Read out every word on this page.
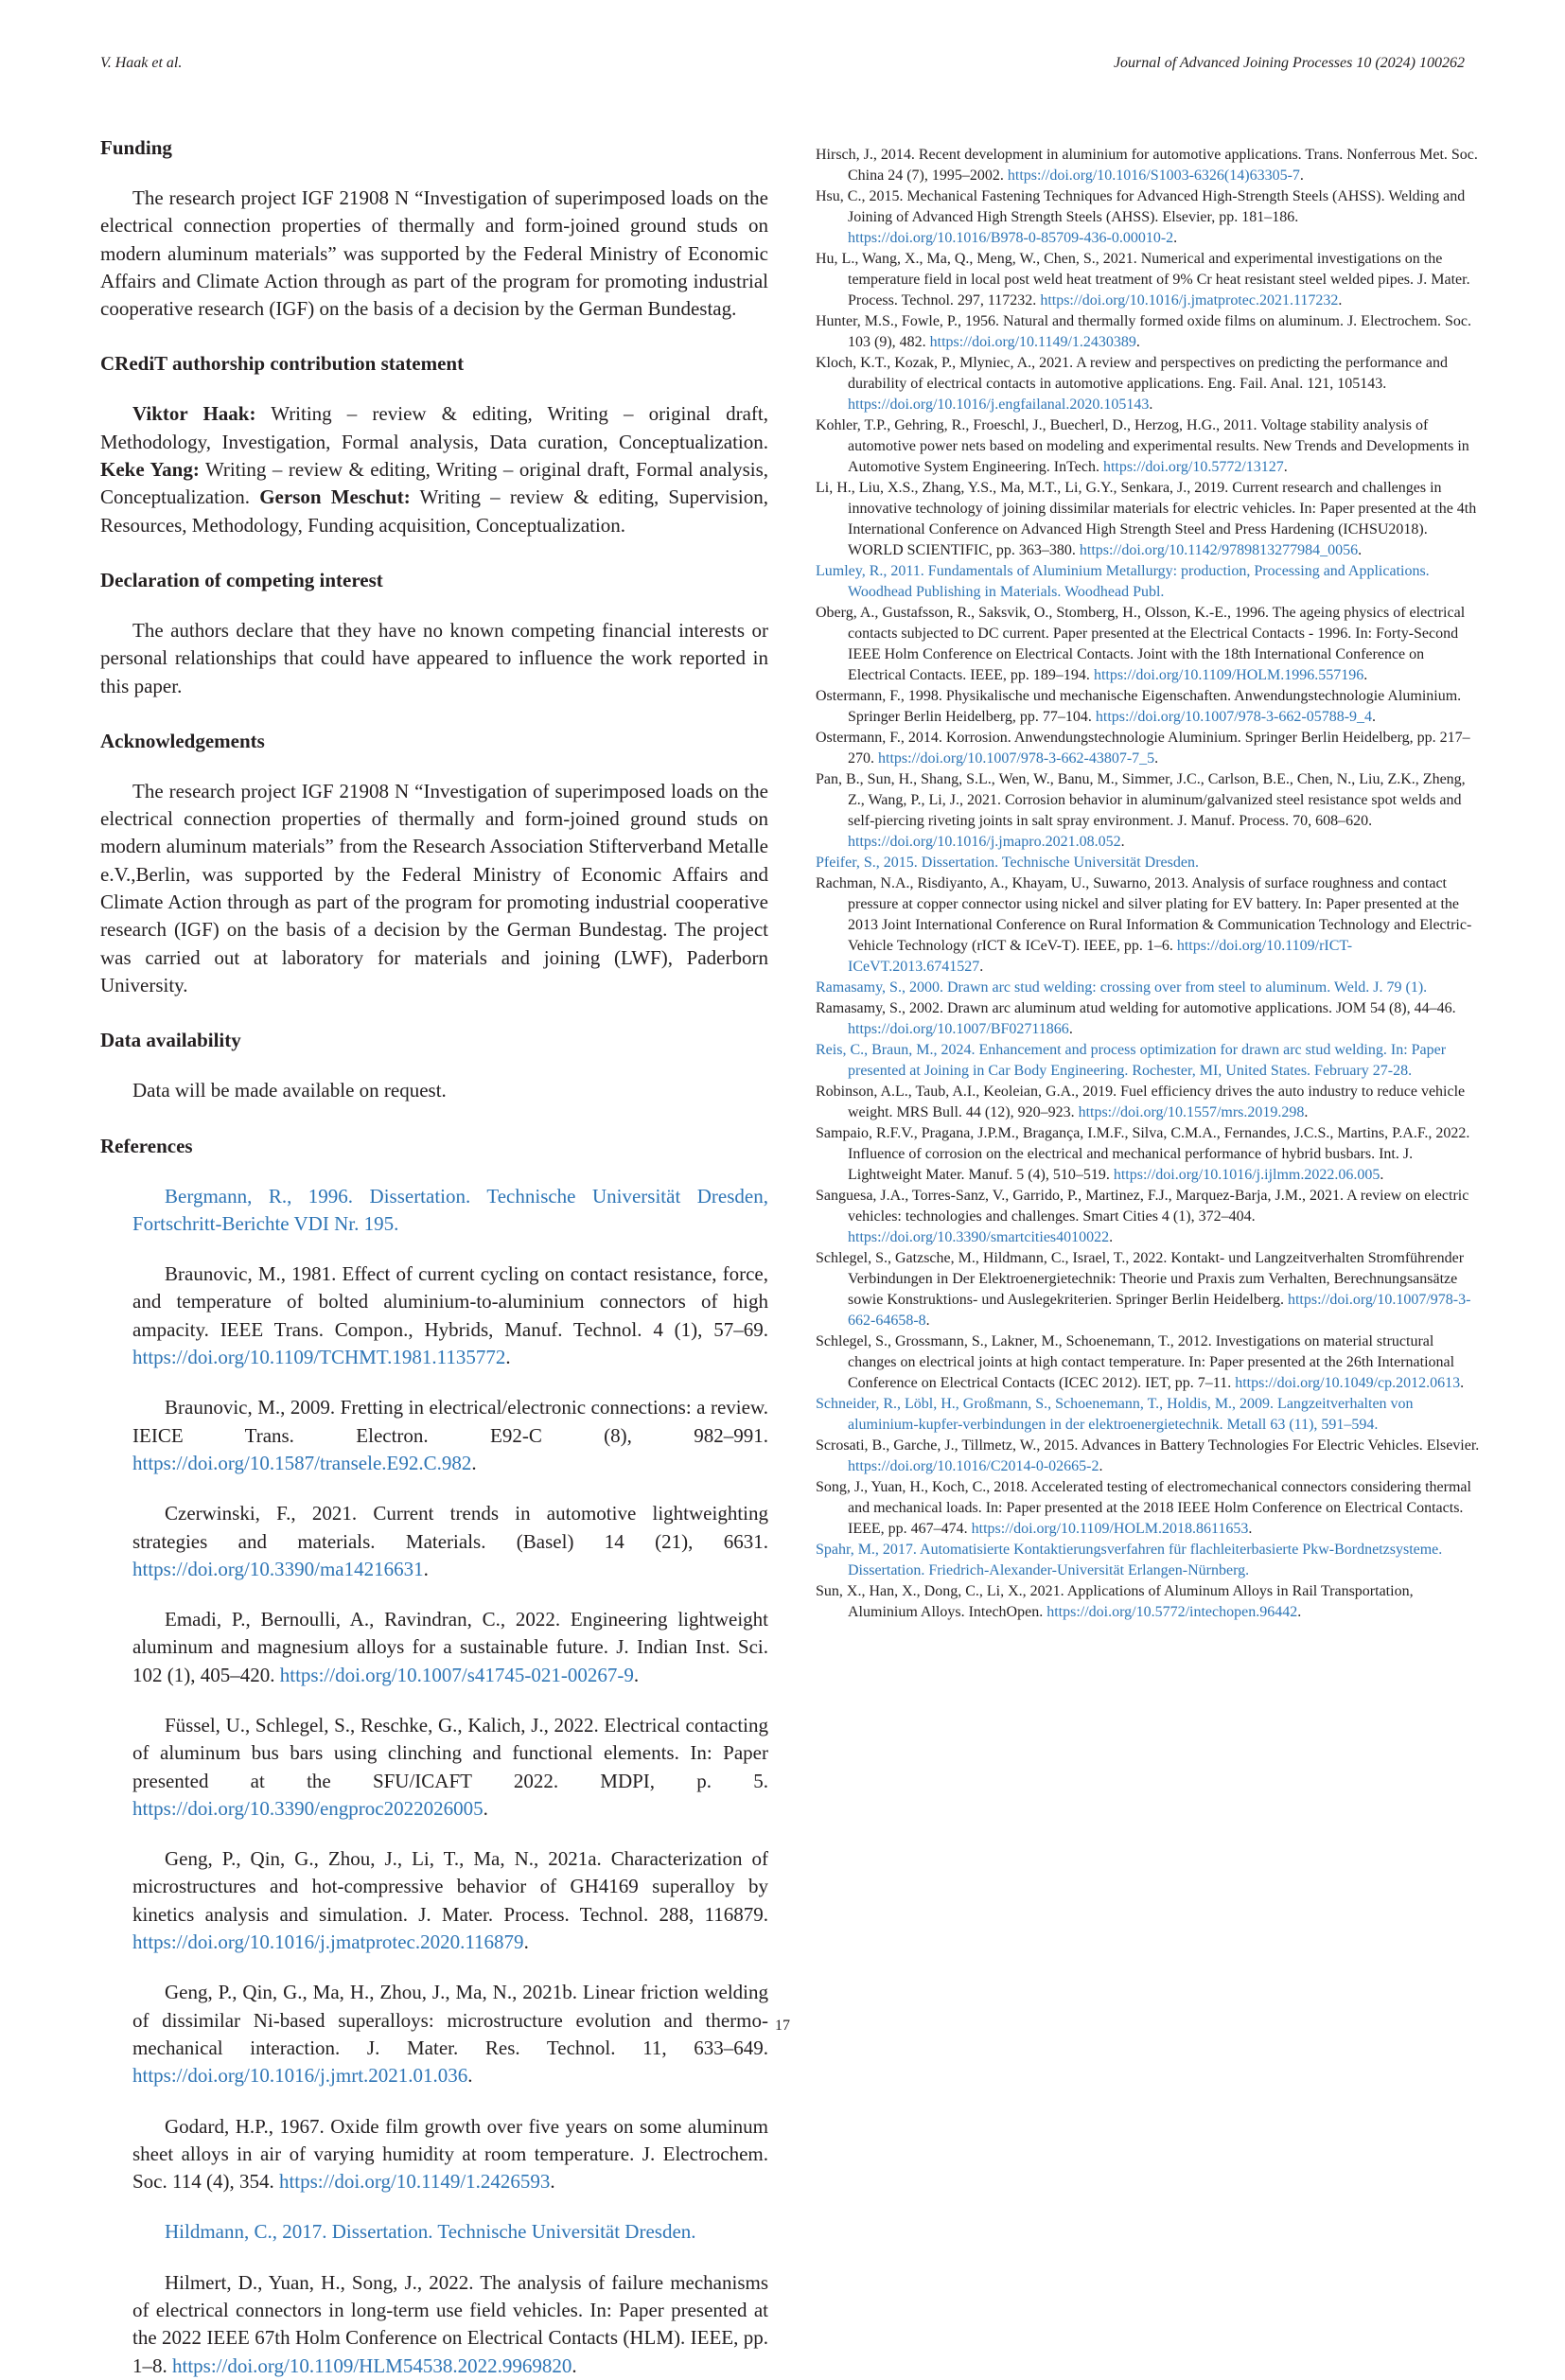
V. Haak et al.	Journal of Advanced Joining Processes 10 (2024) 100262
Funding

The research project IGF 21908 N “Investigation of superimposed loads on the electrical connection properties of thermally and form-joined ground studs on modern aluminum materials” was supported by the Federal Ministry of Economic Affairs and Climate Action through as part of the program for promoting industrial cooperative research (IGF) on the basis of a decision by the German Bundestag.

CRediT authorship contribution statement

Viktor Haak: Writing – review & editing, Writing – original draft, Methodology, Investigation, Formal analysis, Data curation, Conceptualization. Keke Yang: Writing – review & editing, Writing – original draft, Formal analysis, Conceptualization. Gerson Meschut: Writing – review & editing, Supervision, Resources, Methodology, Funding acquisition, Conceptualization.

Declaration of competing interest

The authors declare that they have no known competing financial interests or personal relationships that could have appeared to influence the work reported in this paper.

Acknowledgements

The research project IGF 21908 N “Investigation of superimposed loads on the electrical connection properties of thermally and form-joined ground studs on modern aluminum materials” from the Research Association Stifterverband Metalle e.V.,Berlin, was supported by the Federal Ministry of Economic Affairs and Climate Action through as part of the program for promoting industrial cooperative research (IGF) on the basis of a decision by the German Bundestag. The project was carried out at laboratory for materials and joining (LWF), Paderborn University.

Data availability

Data will be made available on request.

References

Bergmann, R., 1996. Dissertation. Technische Universität Dresden, Fortschritt-Berichte VDI Nr. 195.

Braunovic, M., 1981. Effect of current cycling on contact resistance, force, and temperature of bolted aluminium-to-aluminium connectors of high ampacity. IEEE Trans. Compon., Hybrids, Manuf. Technol. 4 (1), 57–69. https://doi.org/10.1109/TCHMT.1981.1135772.

Braunovic, M., 2009. Fretting in electrical/electronic connections: a review. IEICE Trans. Electron. E92-C (8), 982–991. https://doi.org/10.1587/transele.E92.C.982.

Czerwinski, F., 2021. Current trends in automotive lightweighting strategies and materials. Materials. (Basel) 14 (21), 6631. https://doi.org/10.3390/ma14216631.

Emadi, P., Bernoulli, A., Ravindran, C., 2022. Engineering lightweight aluminum and magnesium alloys for a sustainable future. J. Indian Inst. Sci. 102 (1), 405–420. https://doi.org/10.1007/s41745-021-00267-9.

Füssel, U., Schlegel, S., Reschke, G., Kalich, J., 2022. Electrical contacting of aluminum bus bars using clinching and functional elements. In: Paper presented at the SFU/ICAFT 2022. MDPI, p. 5. https://doi.org/10.3390/engproc2022026005.

Geng, P., Qin, G., Zhou, J., Li, T., Ma, N., 2021a. Characterization of microstructures and hot-compressive behavior of GH4169 superalloy by kinetics analysis and simulation. J. Mater. Process. Technol. 288, 116879. https://doi.org/10.1016/j.jmatprotec.2020.116879.

Geng, P., Qin, G., Ma, H., Zhou, J., Ma, N., 2021b. Linear friction welding of dissimilar Ni-based superalloys: microstructure evolution and thermo-mechanical interaction. J. Mater. Res. Technol. 11, 633–649. https://doi.org/10.1016/j.jmrt.2021.01.036.

Godard, H.P., 1967. Oxide film growth over five years on some aluminum sheet alloys in air of varying humidity at room temperature. J. Electrochem. Soc. 114 (4), 354. https://doi.org/10.1149/1.2426593.

Hildmann, C., 2017. Dissertation. Technische Universität Dresden.

Hilmert, D., Yuan, H., Song, J., 2022. The analysis of failure mechanisms of electrical connectors in long-term use field vehicles. In: Paper presented at the 2022 IEEE 67th Holm Conference on Electrical Contacts (HLM). IEEE, pp. 1–8. https://doi.org/10.1109/HLM54538.2022.9969820.

Hirsch, J., 2014. Recent development in aluminium for automotive applications. Trans. Nonferrous Met. Soc. China 24 (7), 1995–2002. https://doi.org/10.1016/S1003-6326(14)63305-7.

Hsu, C., 2015. Mechanical Fastening Techniques for Advanced High-Strength Steels (AHSS). Welding and Joining of Advanced High Strength Steels (AHSS). Elsevier, pp. 181–186. https://doi.org/10.1016/B978-0-85709-436-0.00010-2.

Hu, L., Wang, X., Ma, Q., Meng, W., Chen, S., 2021. Numerical and experimental investigations on the temperature field in local post weld heat treatment of 9% Cr heat resistant steel welded pipes. J. Mater. Process. Technol. 297, 117232. https://doi.org/10.1016/j.jmatprotec.2021.117232.

Hunter, M.S., Fowle, P., 1956. Natural and thermally formed oxide films on aluminum. J. Electrochem. Soc. 103 (9), 482. https://doi.org/10.1149/1.2430389.

Kloch, K.T., Kozak, P., Mlyniec, A., 2021. A review and perspectives on predicting the performance and durability of electrical contacts in automotive applications. Eng. Fail. Anal. 121, 105143. https://doi.org/10.1016/j.engfailanal.2020.105143.

Kohler, T.P., Gehring, R., Froeschl, J., Buecherl, D., Herzog, H.G., 2011. Voltage stability analysis of automotive power nets based on modeling and experimental results. New Trends and Developments in Automotive System Engineering. InTech. https://doi.org/10.5772/13127.

Li, H., Liu, X.S., Zhang, Y.S., Ma, M.T., Li, G.Y., Senkara, J., 2019. Current research and challenges in innovative technology of joining dissimilar materials for electric vehicles. In: Paper presented at the 4th International Conference on Advanced High Strength Steel and Press Hardening (ICHSU2018). WORLD SCIENTIFIC, pp. 363–380. https://doi.org/10.1142/9789813277984_0056.

Lumley, R., 2011. Fundamentals of Aluminium Metallurgy: production, Processing and Applications. Woodhead Publishing in Materials. Woodhead Publ.

Oberg, A., Gustafsson, R., Saksvik, O., Stomberg, H., Olsson, K.-E., 1996. The ageing physics of electrical contacts subjected to DC current. Paper presented at the Electrical Contacts - 1996. In: Forty-Second IEEE Holm Conference on Electrical Contacts. Joint with the 18th International Conference on Electrical Contacts. IEEE, pp. 189–194. https://doi.org/10.1109/HOLM.1996.557196.

Ostermann, F., 1998. Physikalische und mechanische Eigenschaften. Anwendungstechnologie Aluminium. Springer Berlin Heidelberg, pp. 77–104. https://doi.org/10.1007/978-3-662-05788-9_4.

Ostermann, F., 2014. Korrosion. Anwendungstechnologie Aluminium. Springer Berlin Heidelberg, pp. 217–270. https://doi.org/10.1007/978-3-662-43807-7_5.

Pan, B., Sun, H., Shang, S.L., Wen, W., Banu, M., Simmer, J.C., Carlson, B.E., Chen, N., Liu, Z.K., Zheng, Z., Wang, P., Li, J., 2021. Corrosion behavior in aluminum/galvanized steel resistance spot welds and self-piercing riveting joints in salt spray environment. J. Manuf. Process. 70, 608–620. https://doi.org/10.1016/j.jmapro.2021.08.052.

Pfeifer, S., 2015. Dissertation. Technische Universität Dresden.

Rachman, N.A., Risdiyanto, A., Khayam, U., Suwarno, 2013. Analysis of surface roughness and contact pressure at copper connector using nickel and silver plating for EV battery. In: Paper presented at the 2013 Joint International Conference on Rural Information & Communication Technology and Electric-Vehicle Technology (rICT & ICeV-T). IEEE, pp. 1–6. https://doi.org/10.1109/rICT-ICeVT.2013.6741527.

Ramasamy, S., 2000. Drawn arc stud welding: crossing over from steel to aluminum. Weld. J. 79 (1).

Ramasamy, S., 2002. Drawn arc aluminum atud welding for automotive applications. JOM 54 (8), 44–46. https://doi.org/10.1007/BF02711866.

Reis, C., Braun, M., 2024. Enhancement and process optimization for drawn arc stud welding. In: Paper presented at Joining in Car Body Engineering. Rochester, MI, United States. February 27-28.

Robinson, A.L., Taub, A.I., Keoleian, G.A., 2019. Fuel efficiency drives the auto industry to reduce vehicle weight. MRS Bull. 44 (12), 920–923. https://doi.org/10.1557/mrs.2019.298.

Sampaio, R.F.V., Pragana, J.P.M., Bragança, I.M.F., Silva, C.M.A., Fernandes, J.C.S., Martins, P.A.F., 2022. Influence of corrosion on the electrical and mechanical performance of hybrid busbars. Int. J. Lightweight Mater. Manuf. 5 (4), 510–519. https://doi.org/10.1016/j.ijlmm.2022.06.005.

Sanguesa, J.A., Torres-Sanz, V., Garrido, P., Martinez, F.J., Marquez-Barja, J.M., 2021. A review on electric vehicles: technologies and challenges. Smart Cities 4 (1), 372–404. https://doi.org/10.3390/smartcities4010022.

Schlegel, S., Gatzsche, M., Hildmann, C., Israel, T., 2022. Kontakt- und Langzeitverhalten Stromführender Verbindungen in Der Elektroenergietechnik: Theorie und Praxis zum Verhalten, Berechnungsansätze sowie Konstruktions- und Auslegekriterien. Springer Berlin Heidelberg. https://doi.org/10.1007/978-3-662-64658-8.

Schlegel, S., Grossmann, S., Lakner, M., Schoenemann, T., 2012. Investigations on material structural changes on electrical joints at high contact temperature. In: Paper presented at the 26th International Conference on Electrical Contacts (ICEC 2012). IET, pp. 7–11. https://doi.org/10.1049/cp.2012.0613.

Schneider, R., Löbl, H., Großmann, S., Schoenemann, T., Holdis, M., 2009. Langzeitverhalten von aluminium-kupfer-verbindungen in der elektroenergietechnik. Metall 63 (11), 591–594.

Scrosati, B., Garche, J., Tillmetz, W., 2015. Advances in Battery Technologies For Electric Vehicles. Elsevier. https://doi.org/10.1016/C2014-0-02665-2.

Song, J., Yuan, H., Koch, C., 2018. Accelerated testing of electromechanical connectors considering thermal and mechanical loads. In: Paper presented at the 2018 IEEE Holm Conference on Electrical Contacts. IEEE, pp. 467–474. https://doi.org/10.1109/HOLM.2018.8611653.

Spahr, M., 2017. Automatisierte Kontaktierungsverfahren für flachleiterbasierte Pkw-Bordnetzsysteme. Dissertation. Friedrich-Alexander-Universität Erlangen-Nürnberg.

Sun, X., Han, X., Dong, C., Li, X., 2021. Applications of Aluminum Alloys in Rail Transportation, Aluminium Alloys. IntechOpen. https://doi.org/10.5772/intechopen.96442.

17
